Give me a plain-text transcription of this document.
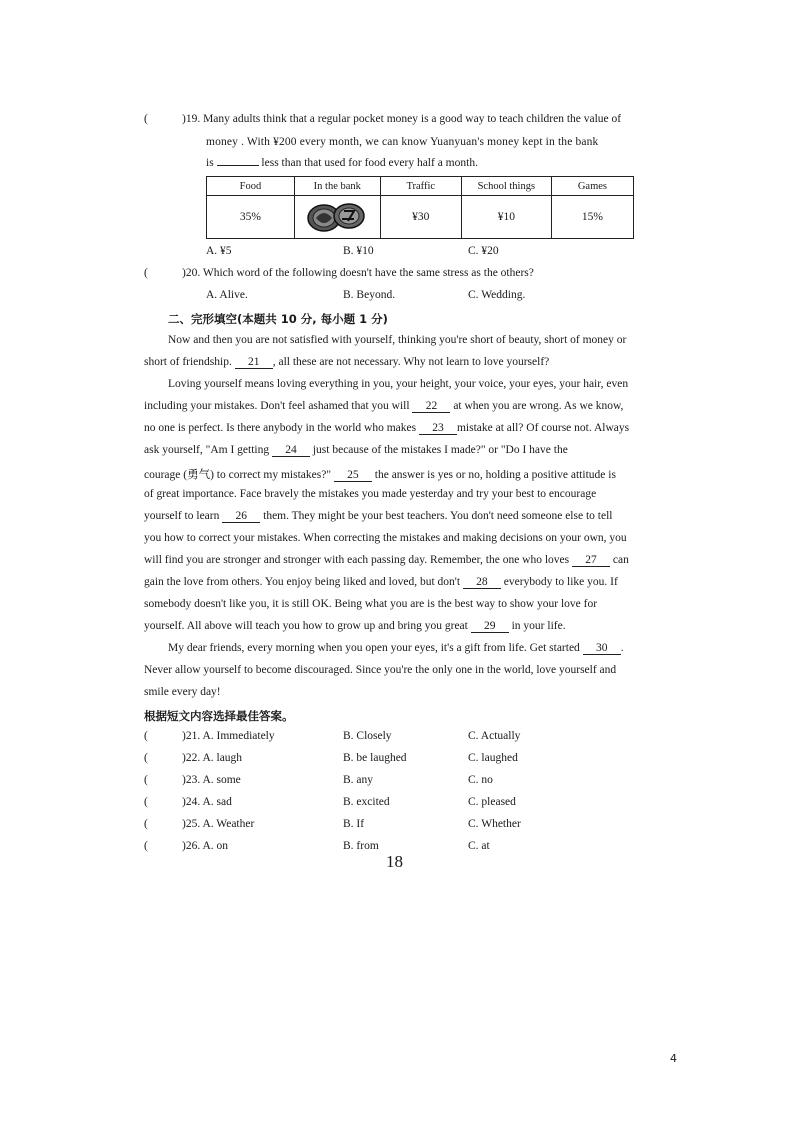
(	)19. Many adults think that a regular pocket money is a good way to teach children the value of
money . With ¥200 every month, we can know Yuanyuan's money kept in the bank
is	less than that used for food every half a month.
Food	In the bank	Traffic	School things	Games
35%		¥30	¥10	15%
A. ¥5	B. ¥10	C. ¥20
(	)20. Which word of the following doesn't have the same stress as the others?
A. Alive.	B. Beyond.	C. Wedding.
二、完形填空(本题共 10 分, 每小题 1 分)
Now and then you are not satisfied with yourself, thinking you're short of beauty, short of money or
short of friendship. 21 , all these are not necessary. Why not learn to love yourself?
Loving yourself means loving everything in you, your height, your voice, your eyes, your hair, even
including your mistakes. Don't feel ashamed that you will 22 at when you are wrong. As we know,
no one is perfect. Is there anybody in the world who makes 23 mistake at all? Of course not. Always
ask yourself, "Am I getting 24 just because of the mistakes I made?" or "Do I have the
courage (勇气) to correct my mistakes?" 25 the answer is yes or no, holding a positive attitude is
of great importance. Face bravely the mistakes you made yesterday and try your best to encourage
yourself to learn 26 them. They might be your best teachers. You don't need someone else to tell
you how to correct your mistakes. When correcting the mistakes and making decisions on your own, you
will find you are stronger and stronger with each passing day. Remember, the one who loves 27 can
gain the love from others. You enjoy being liked and loved, but don't 28 everybody to like you. If
somebody doesn't like you, it is still OK. Being what you are is the best way to show your love for
yourself. All above will teach you how to grow up and bring you great 29 in your life.
My dear friends, every morning when you open your eyes, it's a gift from life. Get started 30 .
Never allow yourself to become discouraged. Since you're the only one in the world, love yourself and
smile every day!
根据短文内容选择最佳答案。
(	)21. A. Immediately	B. Closely	C. Actually
(	)22. A. laugh	B. be laughed	C. laughed
(	)23. A. some	B. any	C. no
(	)24. A. sad	B. excited	C. pleased
(	)25. A. Weather	B. If	C. Whether
(	)26. A. on	B. from	C. at
18
4
